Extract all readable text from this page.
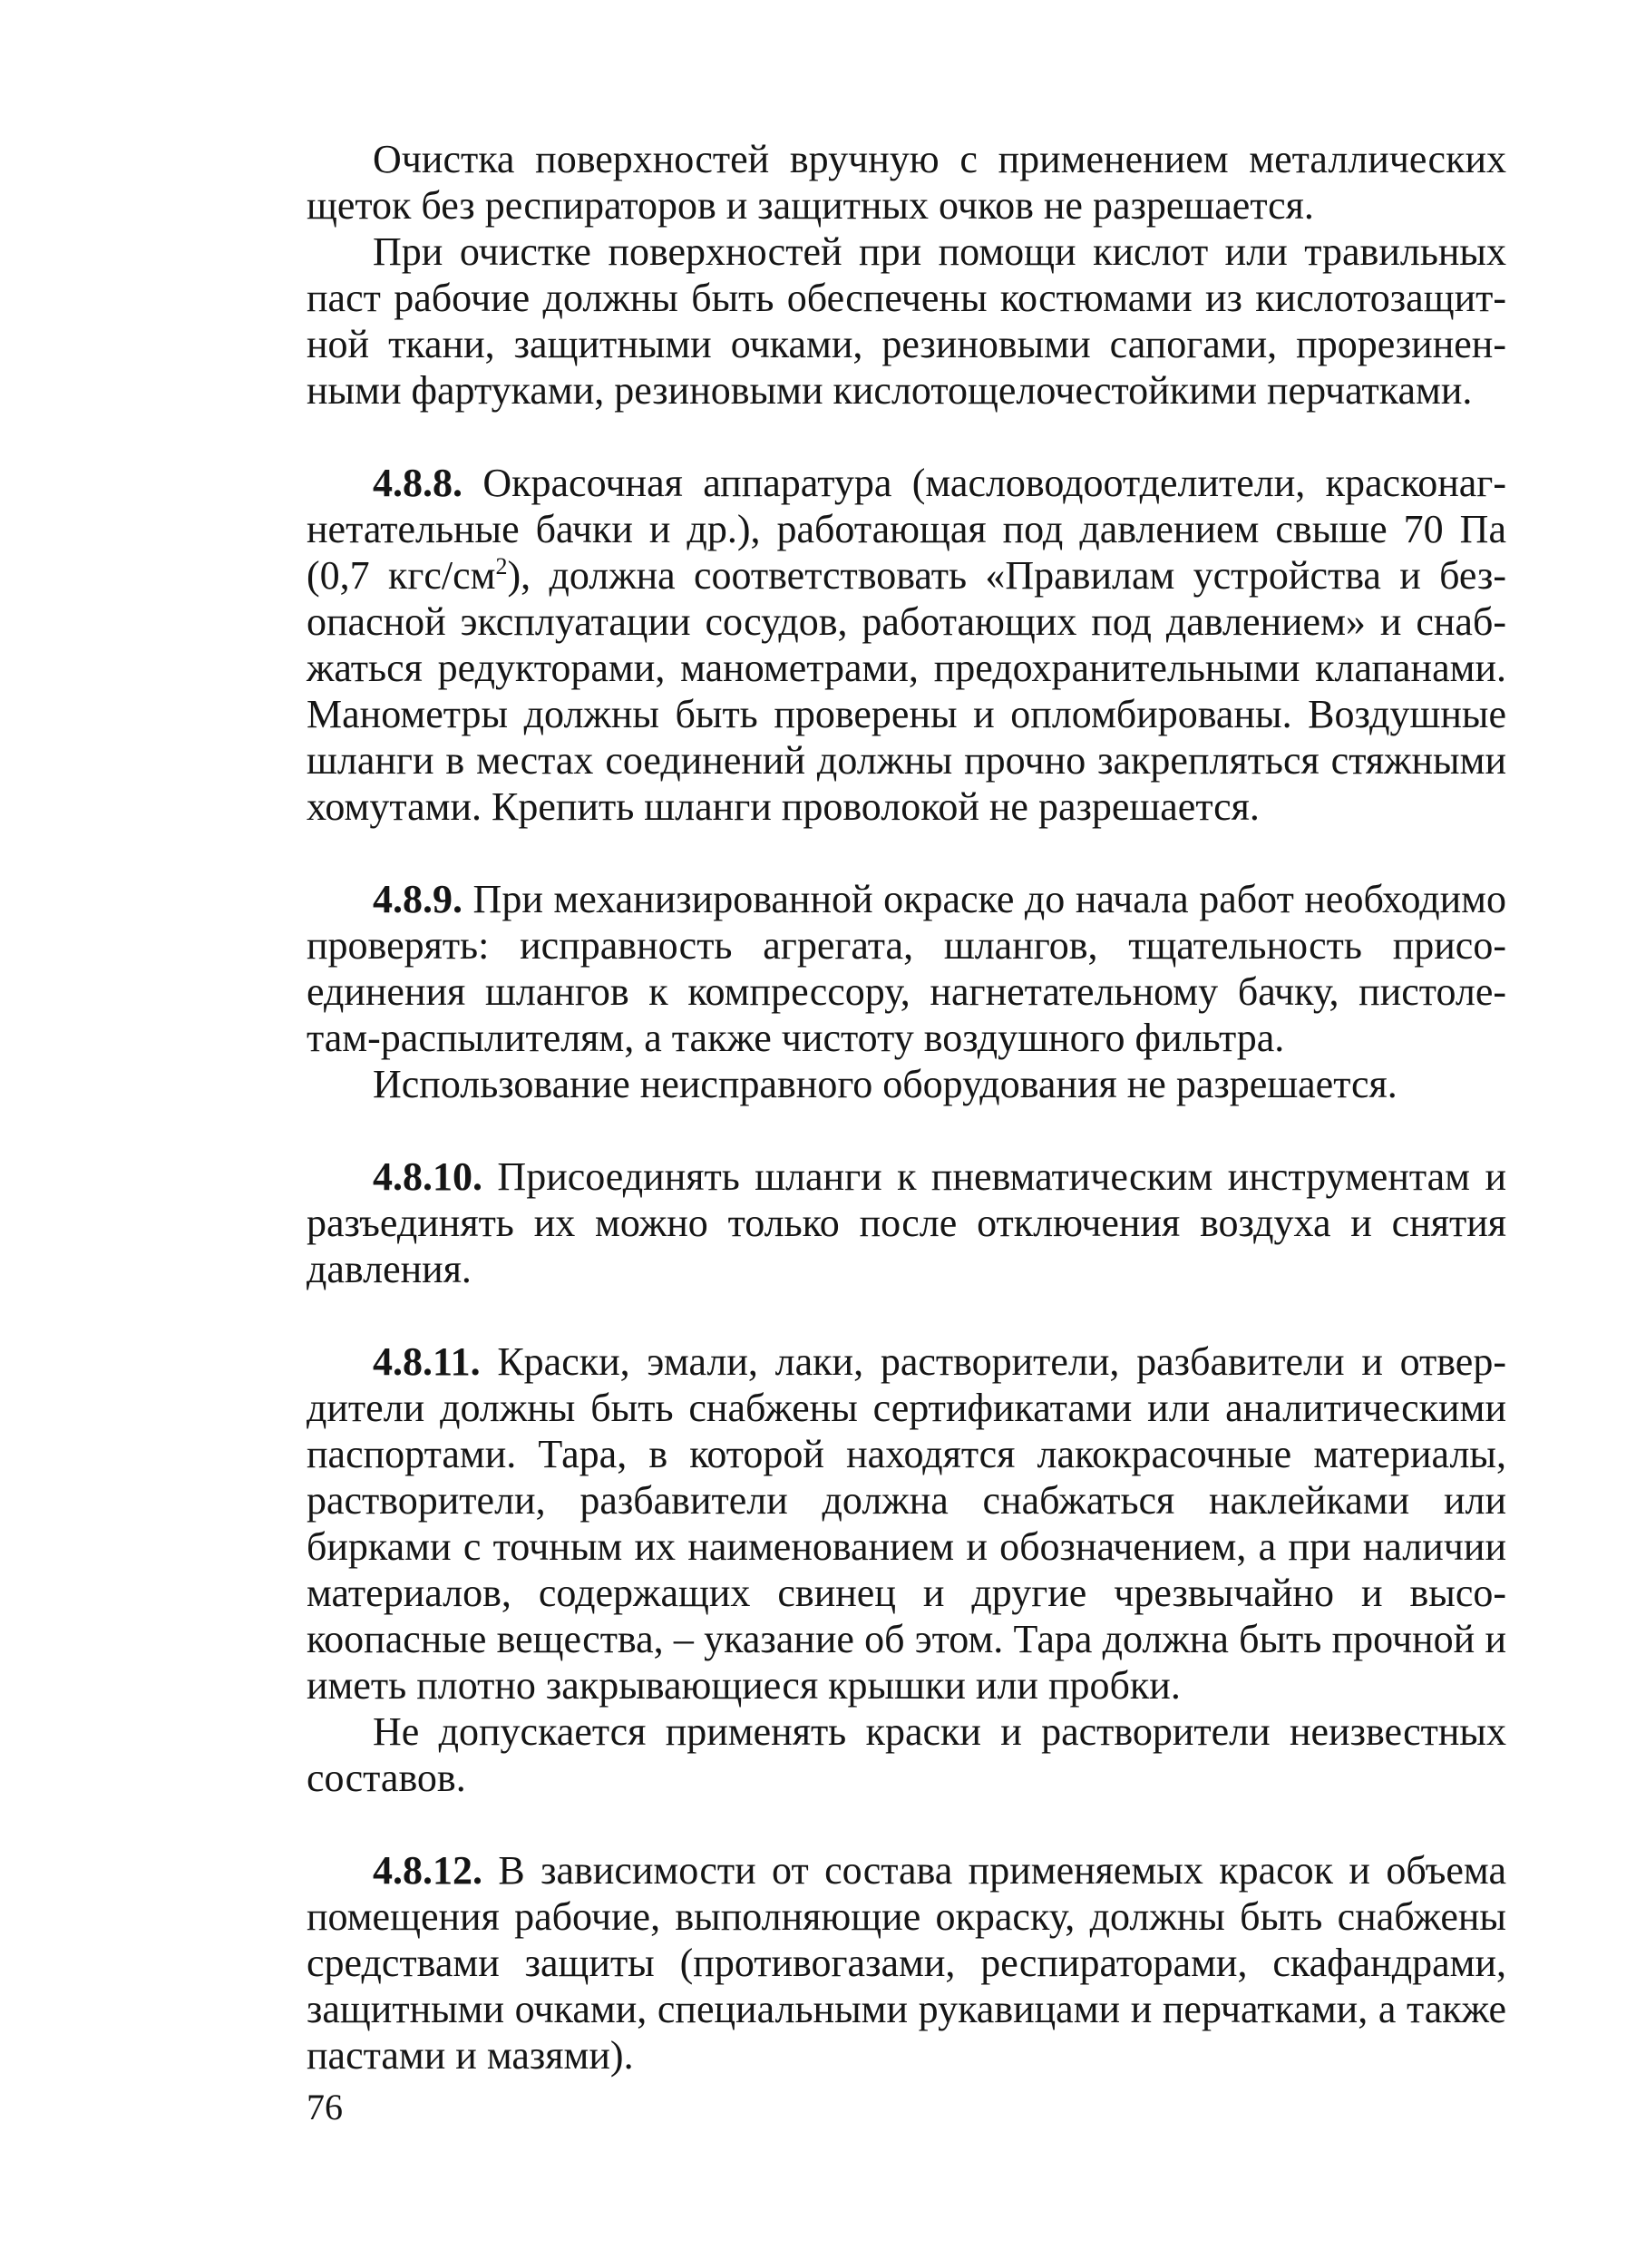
Очистка поверхностей вручную с применением металлических щеток без респираторов и защитных очков не разрешается.

При очистке поверхностей при помощи кислот или травильных паст рабочие должны быть обеспечены костюмами из кислотозащитной ткани, защитными очками, резиновыми сапогами, прорезиненными фартуками, резиновыми кислотощелочестойкими перчатками.

4.8.8. Окрасочная аппаратура (масловодоотделители, красконагнетательные бачки и др.), работающая под давлением свыше 70 Па (0,7 кгс/$см^2$), должна соответствовать «Правилам устройства и безопасной эксплуатации сосудов, работающих под давлением» и снабжаться редукторами, манометрами, предохранительными клапанами. Манометры должны быть проверены и опломбированы. Воздушные шланги в местах соединений должны прочно закрепляться стяжными хомутами. Крепить шланги проволокой не разрешается.

4.8.9. При механизированной окраске до начала работ необходимо проверять: исправность агрегата, шлангов, тщательность присоединения шлангов к компрессору, нагнетательному бачку, пистолетам-распылителям, а также чистоту воздушного фильтра.

Использование неисправного оборудования не разрешается.

4.8.10. Присоединять шланги к пневматическим инструментам и разъединять их можно только после отключения воздуха и снятия давления.

4.8.11. Краски, эмали, лаки, растворители, разбавители и отвердители должны быть снабжены сертификатами или аналитическими паспортами. Тара, в которой находятся лакокрасочные материалы, растворители, разбавители должна снабжаться наклейками или бирками с точным их наименованием и обозначением, а при наличии материалов, содержащих свинец и другие чрезвычайно и высокоопасные вещества, – указание об этом. Тара должна быть прочной и иметь плотно закрывающиеся крышки или пробки.

Не допускается применять краски и растворители неизвестных составов.

4.8.12. В зависимости от состава применяемых красок и объема помещения рабочие, выполняющие окраску, должны быть снабжены средствами защиты (противогазами, респираторами, скафандрами, защитными очками, специальными рукавицами и перчатками, а также пастами и мазями).

76
